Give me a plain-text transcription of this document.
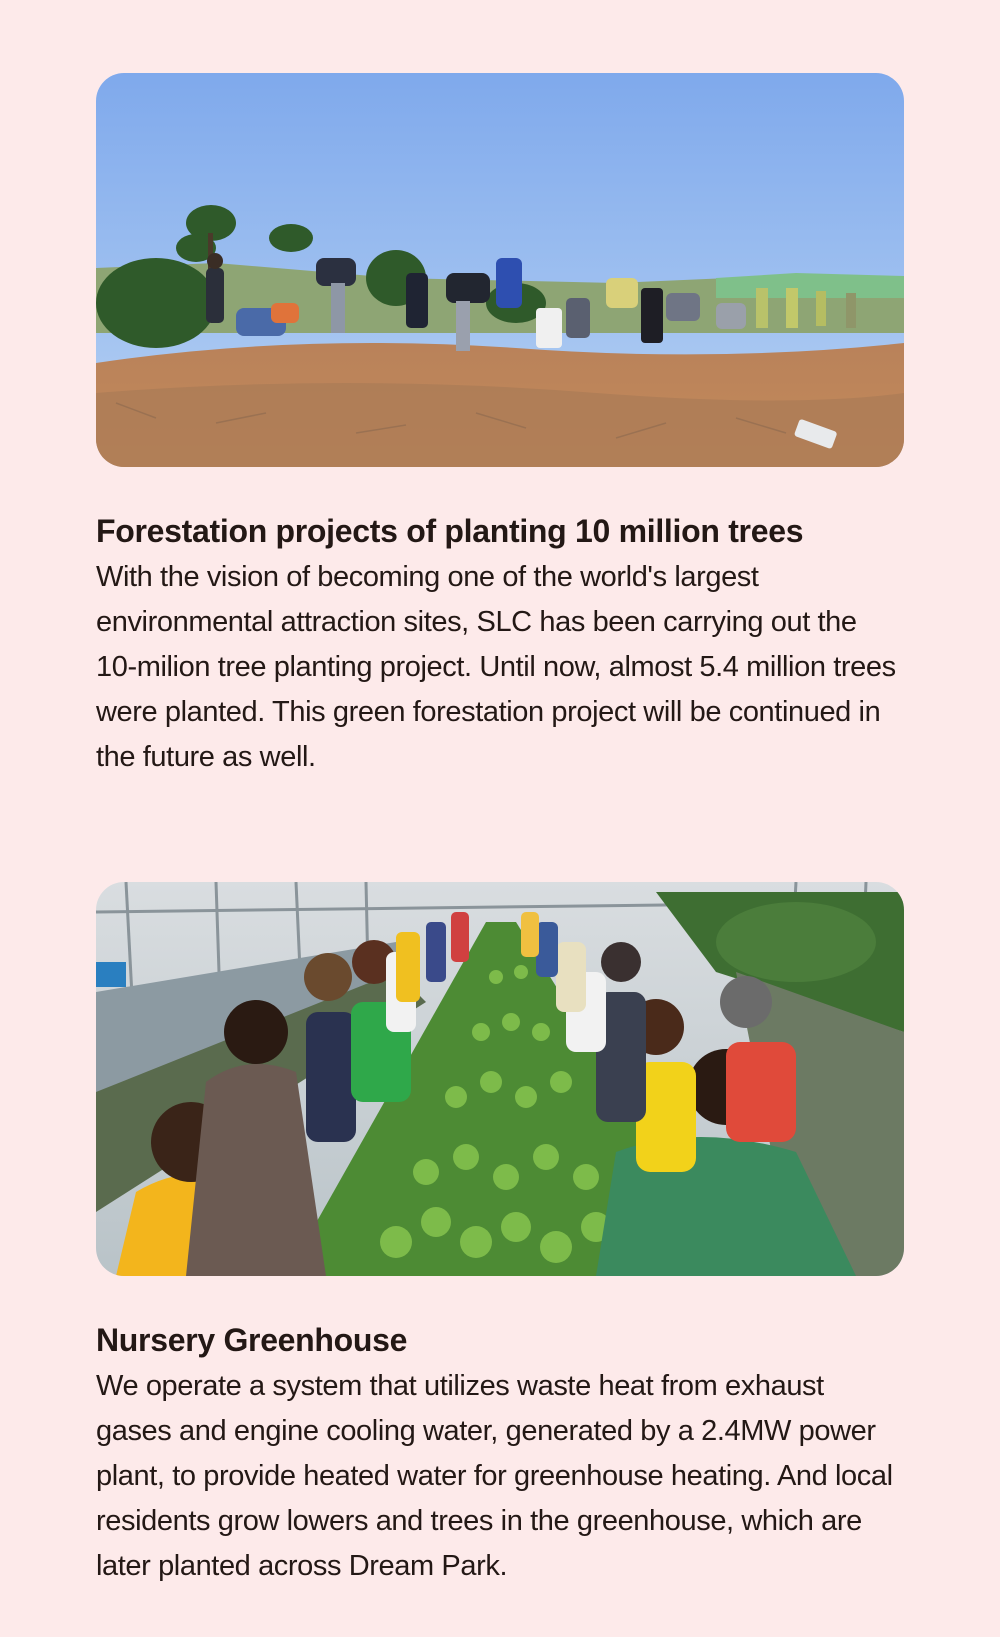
Forestation projects of planting 10 million trees
With the vision of becoming one of the world's largest environmental attraction sites, SLC has been carrying out the 10-milion tree planting project. Until now, almost 5.4 million trees were planted. This green forestation project will be continued in the future as well.
Nursery Greenhouse
We operate a system that utilizes waste heat from exhaust gases and engine cooling water, generated by a 2.4MW power plant, to provide heated water for greenhouse heating. And local residents grow lowers and trees in the greenhouse, which are later planted across Dream Park.
